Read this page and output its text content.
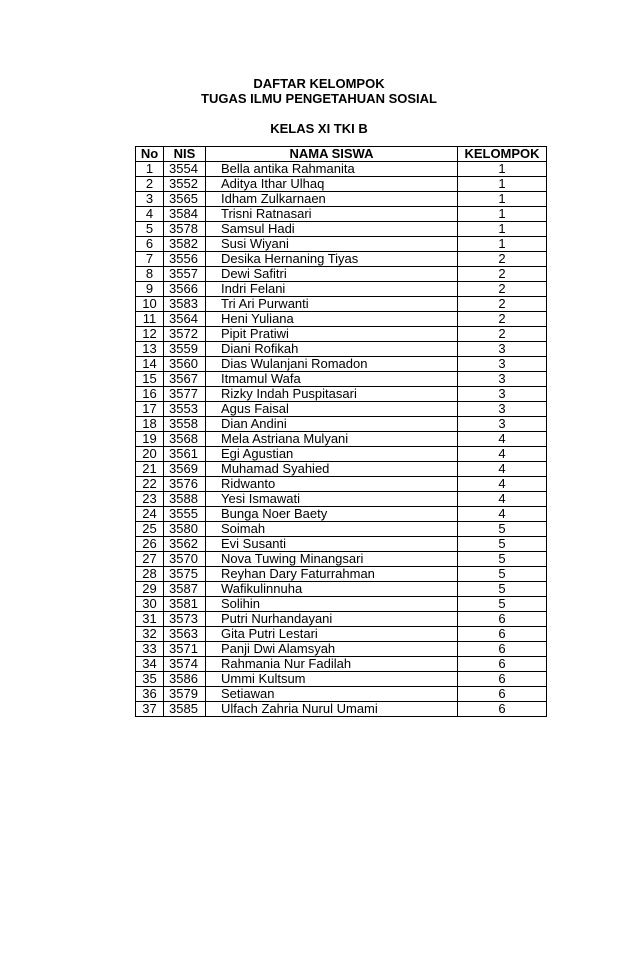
DAFTAR KELOMPOK
TUGAS ILMU PENGETAHUAN SOSIAL
KELAS XI TKI B
No	NIS	NAMA SISWA	KELOMPOK
1	3554	Bella antika Rahmanita	1
2	3552	Aditya Ithar Ulhaq	1
3	3565	Idham Zulkarnaen	1
4	3584	Trisni Ratnasari	1
5	3578	Samsul Hadi	1
6	3582	Susi Wiyani	1
7	3556	Desika Hernaning Tiyas	2
8	3557	Dewi Safitri	2
9	3566	Indri Felani	2
10	3583	Tri Ari Purwanti	2
11	3564	Heni Yuliana	2
12	3572	Pipit Pratiwi	2
13	3559	Diani Rofikah	3
14	3560	Dias Wulanjani Romadon	3
15	3567	Itmamul Wafa	3
16	3577	Rizky Indah Puspitasari	3
17	3553	Agus Faisal	3
18	3558	Dian Andini	3
19	3568	Mela Astriana Mulyani	4
20	3561	Egi Agustian	4
21	3569	Muhamad Syahied	4
22	3576	Ridwanto	4
23	3588	Yesi Ismawati	4
24	3555	Bunga Noer Baety	4
25	3580	Soimah	5
26	3562	Evi Susanti	5
27	3570	Nova Tuwing Minangsari	5
28	3575	Reyhan Dary Faturrahman	5
29	3587	Wafikulinnuha	5
30	3581	Solihin	5
31	3573	Putri Nurhandayani	6
32	3563	Gita Putri Lestari	6
33	3571	Panji Dwi Alamsyah	6
34	3574	Rahmania Nur Fadilah	6
35	3586	Ummi Kultsum	6
36	3579	Setiawan	6
37	3585	Ulfach Zahria Nurul Umami	6
